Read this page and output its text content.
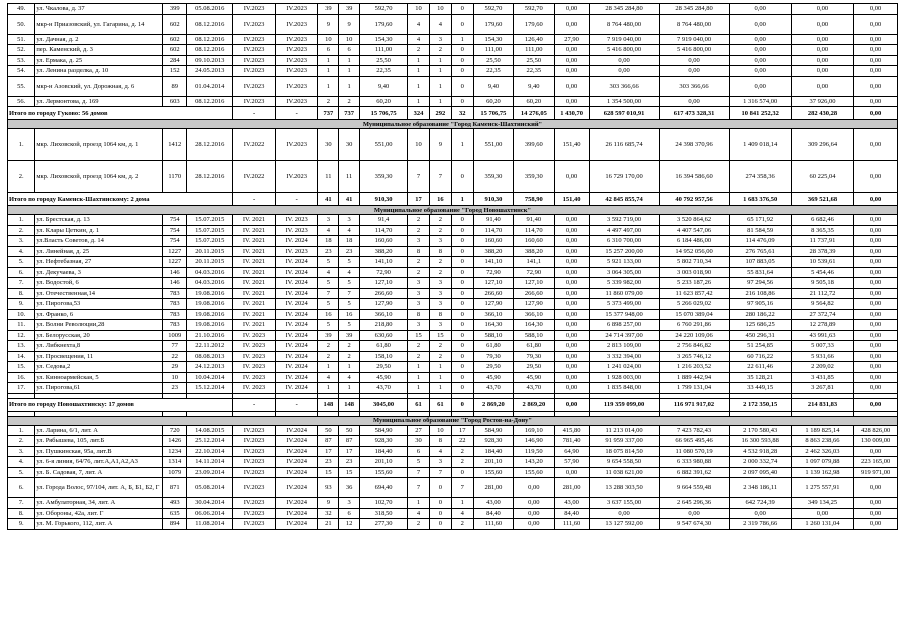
49.	ул. Чкалова, д. 37	399	05.08.2016	IV.2023	IV.2023	39	39	592,70	10	10	0	592,70	592,70	0,00	28 345 284,80	28 345 284,80	0,00	0,00	0,00
50.	мкр-н Приазовский, ул. Гагарина, д. 14	602	08.12.2016	IV.2023	IV.2023	9	9	179,60	4	4	0	179,60	179,60	0,00	8 764 480,00	8 764 480,00	0,00	0,00	0,00
51.	ул. Дачная, д. 2	602	08.12.2016	IV.2023	IV.2023	10	10	154,30	4	3	1	154,30	126,40	27,90	7 919 040,00	7 919 040,00	0,00	0,00	0,00
52.	пер. Каменский, д. 3	602	08.12.2016	IV.2023	IV.2023	6	6	111,00	2	2	0	111,00	111,00	0,00	5 416 800,00	5 416 800,00	0,00	0,00	0,00
53.	ул. Ермака, д. 25	284	09.10.2013	IV.2023	IV.2023	1	1	25,50	1	1	0	25,50	25,50	0,00	0,00	0,00	0,00	0,00	0,00
54.	ул. Ленина разделка, д. 10	152	24.05.2013	IV.2023	IV.2023	1	1	22,35	1	1	0	22,35	22,35	0,00	0,00	0,00	0,00	0,00	0,00
55.	мкр-н Азовский, ул. Дорожная, д. 6	89	01.04.2014	IV.2023	IV.2023	1	1	9,40	1	1	0	9,40	9,40	0,00	303 366,66	303 366,66	0,00	0,00	0,00
56.	ул. Лермонтова, д. 169	603	08.12.2016	IV.2023	IV.2023	2	2	60,20	1	1	0	60,20	60,20	0,00	1 354 500,00	0,00	1 316 574,00	37 926,00	0,00
Итого по городу Гуково: 56 домов				-	-	737	737	15 706,75	324	292	32	15 706,75	14 276,05	1 430,70	628 597 010,91	617 473 328,31	10 841 252,32	282 430,28	0,00
Муниципальное образование "Город Каменск-Шахтинский"																			
1.	мкр. Лиховской, проезд 1064 км, д. 1	1412	28.12.2016	IV.2022	IV.2023	30	30	551,00	10	9	1	551,00	399,60	151,40	26 116 685,74	24 398 370,96	1 409 018,14	309 296,64	0,00
2.	мкр. Лиховской, проезд 1064 км, д. 2	1170	28.12.2016	IV.2022	IV.2023	11	11	359,30	7	7	0	359,30	359,30	0,00	16 729 170,00	16 394 586,60	274 358,36	60 225,04	0,00
Итого по городу Каменск-Шахтинскому: 2 дома				-	-	41	41	910,30	17	16	1	910,30	758,90	151,40	42 845 855,74	40 792 957,56	1 683 376,50	369 521,68	0,00
Муниципальное образование "Город Новошахтинск"																			
1.	ул. Брестская, д. 13	754	15.07.2015	IV. 2021	IV. 2023	3	3	91,4	2	2	0	91,40	91,40	0,00	3 592 719,00	3 520 864,62	65 171,92	6 682,46	0,00
2.	ул. Клары Цеткин, д. 1	754	15.07.2015	IV. 2021	IV. 2023	4	4	114,70	2	2	0	114,70	114,70	0,00	4 497 497,00	4 407 547,06	81 584,59	8 365,35	0,00
3.	ул.Власть Советов, д. 14	754	15.07.2015	IV. 2021	IV. 2024	18	18	160,60	3	3	0	160,60	160,60	0,00	6 310 700,00	6 184 486,00	114 476,09	11 737,91	0,00
4.	ул. Линейная, д. 25	1227	20.11.2015	IV. 2021	IV. 2023	23	23	388,20	8	8	0	388,20	388,20	0,00	15 257 200,00	14 952 056,00	276 765,61	28 378,39	0,00
5.	ул. Нефтебазная, 27	1227	20.11.2015	IV. 2021	IV. 2024	5	5	141,10	2	2	0	141,10	141,1	0,00	5 921 133,00	5 802 710,34	107 883,05	10 539,61	0,00
6.	ул. Декучаева, 3	146	04.03.2016	IV. 2021	IV. 2024	4	4	72,90	2	2	0	72,90	72,90	0,00	3 064 305,00	3 003 018,90	55 831,64	5 454,46	0,00
7.	ул. Водостой, 6	146	04.03.2016	IV. 2021	IV. 2024	5	5	127,10	3	3	0	127,10	127,10	0,00	5 339 982,00	5 233 187,26	97 294,56	9 505,18	0,00
8.	ул. Отечественная,14	783	19.08.2016	IV. 2021	IV. 2024	7	7	266,60	3	3	0	266,60	266,60	0,00	11 860 079,00	11 623 857,42	216 108,86	21 112,72	0,00
9.	ул. Пирогова,53	783	19.08.2016	IV. 2021	IV. 2024	5	5	127,90	3	3	0	127,90	127,90	0,00	5 373 499,00	5 266 029,02	97 905,16	9 564,82	0,00
10.	ул. Франко, 6	783	19.08.2016	IV. 2021	IV. 2024	16	16	366,10	8	8	0	366,10	366,10	0,00	15 377 948,00	15 070 389,04	280 186,22	27 372,74	0,00
11.	ул. Волни Революции,28	783	19.08.2016	IV. 2021	IV. 2024	5	5	218,80	3	3	0	164,30	164,30	0,00	6 898 257,00	6 760 291,86	125 686,25	12 278,89	0,00
12.	ул. Белорусская, 20	1009	21.10.2016	IV. 2023	IV. 2024	39	39	630,60	15	15	0	588,10	588,10	0,00	24 714 397,00	24 220 109,06	450 296,31	43 991,63	0,00
13.	ул. Либкнехта,8	77	22.11.2012	IV. 2023	IV. 2024	2	2	61,80	2	2	0	61,80	61,80	0,00	2 813 109,00	2 756 846,82	51 254,85	5 007,33	0,00
14.	ул. Просвещения, 11	22	08.08.2013	IV. 2023	IV. 2024	2	2	158,10	2	2	0	79,30	79,30	0,00	3 332 394,00	3 265 746,12	60 716,22	5 931,66	0,00
15.	ул. Седова,2	29	24.12.2013	IV. 2023	IV. 2024	1	1	29,50	1	1	0	29,50	29,50	0,00	1 241 024,00	1 216 203,52	22 611,46	2 209,02	0,00
16.	ул. Кинноармейская, 5	10	10.04.2014	IV. 2023	IV. 2024	4	4	45,90	1	1	0	45,90	45,90	0,00	1 928 003,00	1 889 442,94	35 128,21	3 431,85	0,00
17.	ул. Пирогова,61	23	15.12.2014	IV. 2023	IV. 2024	1	1	43,70	1	1	0	43,70	43,70	0,00	1 835 848,00	1 799 131,04	33 449,15	3 267,81	0,00

Итого по городу Новошахтинску: 17 домов				-	-	148	148	3045,00	61	61	0	2 869,20	2 869,20	0,00	119 359 099,00	116 971 917,02	2 172 350,15	214 831,83	0,00

Муниципальное образование "Город Ростов-на-Дону"																			
1.	ул. Ларина, 6/1, лит. А	720	14.08.2015	IV.2023	IV.2024	50	50	584,90	27	10	17	584,90	169,10	415,80	11 213 014,00	7 423 782,43	2 170 580,43	1 189 825,14	428 826,00
2.	ул. Рябышева, 105, лит.Б	1426	25.12.2014	IV.2023	IV.2024	87	87	928,30	30	8	22	928,30	146,90	781,40	91 959 337,00	66 965 495,46	16 300 593,88	8 863 238,66	130 009,00
3.	ул. Пушкинская, 95а, лит.В	1234	22.10.2014	IV.2023	IV.2024	17	17	184,40	6	4	2	184,40	119,50	64,90	18 075 814,50	11 080 570,19	4 532 918,28	2 462 326,03	0,00
4.	ул. 6-я линия, 64/76, лит.А,А1,А2,А3	1314	14.11.2014	IV.2023	IV.2024	23	23	201,10	5	3	2	201,10	143,20	57,90	9 654 558,50	6 333 980,88	2 000 332,74	1 097 079,88	223 165,00
5.	ул. Б. Садовая, 7, лит. А	1079	23.09.2014	IV.2023	IV.2024	15	15	155,60	7	7	0	155,60	155,60	0,00	11 038 621,00	6 882 391,62	2 097 095,40	1 139 162,98	919 971,00
6.	ул. Города Волос, 97/104, лит. А, Б, Б1, Б2, Г	871	05.08.2014	IV.2023	IV.2024	93	36	694,40	7	0	7	281,00	0,00	281,00	13 288 303,50	9 664 559,48	2 348 186,11	1 275 557,91	0,00
7.	ул. Амбулаторная, 34, лит. А	493	30.04.2014	IV.2023	IV.2024	9	3	102,70	1	0	1	43,00	0,00	43,00	3 637 155,00	2 645 296,36	642 724,39	349 134,25	0,00
8.	ул. Обороны, 42а, лит. Г	635	06.06.2014	IV.2023	IV.2024	32	6	318,50	4	0	4	84,40	0,00	84,40	0,00	0,00	0,00	0,00	0,00
9.	ул. М. Горького, 112, лит. А	894	11.08.2014	IV.2023	IV.2024	21	12	277,30	2	0	2	111,60	0,00	111,60	13 127 592,00	9 547 674,30	2 319 786,66	1 260 131,04	0,00
